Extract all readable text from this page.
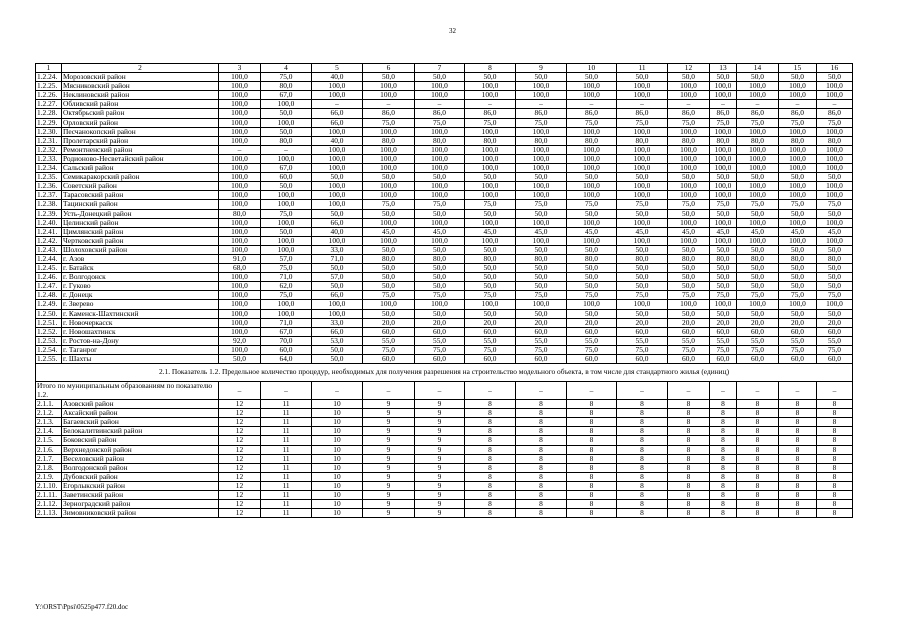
32
1	2	3	4	5	6	7	8	9	10	11	12	13	14	15	16
1.2.24.	Морозовский район	100,0	75,0	40,0	50,0	50,0	50,0	50,0	50,0	50,0	50,0	50,0	50,0	50,0	50,0
1.2.25.	Мясниковский район	100,0	80,0	100,0	100,0	100,0	100,0	100,0	100,0	100,0	100,0	100,0	100,0	100,0	100,0
1.2.26.	Неклиновский район	100,0	67,0	100,0	100,0	100,0	100,0	100,0	100,0	100,0	100,0	100,0	100,0	100,0	100,0
1.2.27.	Обливский район	100,0	100,0	–	–	–	–	–	–	–	–	–	–	–	–
1.2.28.	Октябрьский район	100,0	50,0	66,0	86,0	86,0	86,0	86,0	86,0	86,0	86,0	86,0	86,0	86,0	86,0
1.2.29.	Орловский район	100,0	100,0	66,0	75,0	75,0	75,0	75,0	75,0	75,0	75,0	75,0	75,0	75,0	75,0
1.2.30.	Песчанокопский район	100,0	50,0	100,0	100,0	100,0	100,0	100,0	100,0	100,0	100,0	100,0	100,0	100,0	100,0
1.2.31.	Пролетарский район	100,0	80,0	40,0	80,0	80,0	80,0	80,0	80,0	80,0	80,0	80,0	80,0	80,0	80,0
1.2.32.	Ремонтненский район	–	–	100,0	100,0	100,0	100,0	100,0	100,0	100,0	100,0	100,0	100,0	100,0	100,0
1.2.33.	Родионово-Несветайский район	100,0	100,0	100,0	100,0	100,0	100,0	100,0	100,0	100,0	100,0	100,0	100,0	100,0	100,0
1.2.34.	Сальский район	100,0	67,0	100,0	100,0	100,0	100,0	100,0	100,0	100,0	100,0	100,0	100,0	100,0	100,0
1.2.35.	Семикаракорский район	100,0	60,0	50,0	50,0	50,0	50,0	50,0	50,0	50,0	50,0	50,0	50,0	50,0	50,0
1.2.36.	Советский район	100,0	50,0	100,0	100,0	100,0	100,0	100,0	100,0	100,0	100,0	100,0	100,0	100,0	100,0
1.2.37.	Тарасовский район	100,0	100,0	100,0	100,0	100,0	100,0	100,0	100,0	100,0	100,0	100,0	100,0	100,0	100,0
1.2.38.	Тацинский район	100,0	100,0	100,0	75,0	75,0	75,0	75,0	75,0	75,0	75,0	75,0	75,0	75,0	75,0
1.2.39.	Усть-Донецкий район	80,0	75,0	50,0	50,0	50,0	50,0	50,0	50,0	50,0	50,0	50,0	50,0	50,0	50,0
1.2.40.	Целинский район	100,0	100,0	66,0	100,0	100,0	100,0	100,0	100,0	100,0	100,0	100,0	100,0	100,0	100,0
1.2.41.	Цимлянский район	100,0	50,0	40,0	45,0	45,0	45,0	45,0	45,0	45,0	45,0	45,0	45,0	45,0	45,0
1.2.42.	Чертковский район	100,0	100,0	100,0	100,0	100,0	100,0	100,0	100,0	100,0	100,0	100,0	100,0	100,0	100,0
1.2.43.	Шолоховский район	100,0	100,0	33,0	50,0	50,0	50,0	50,0	50,0	50,0	50,0	50,0	50,0	50,0	50,0
1.2.44.	г. Азов	91,0	57,0	71,0	80,0	80,0	80,0	80,0	80,0	80,0	80,0	80,0	80,0	80,0	80,0
1.2.45.	г. Батайск	68,0	75,0	50,0	50,0	50,0	50,0	50,0	50,0	50,0	50,0	50,0	50,0	50,0	50,0
1.2.46.	г. Волгодонск	100,0	71,0	57,0	50,0	50,0	50,0	50,0	50,0	50,0	50,0	50,0	50,0	50,0	50,0
1.2.47.	г. Гуково	100,0	62,0	50,0	50,0	50,0	50,0	50,0	50,0	50,0	50,0	50,0	50,0	50,0	50,0
1.2.48.	г. Донецк	100,0	75,0	66,0	75,0	75,0	75,0	75,0	75,0	75,0	75,0	75,0	75,0	75,0	75,0
1.2.49.	г. Зверево	100,0	100,0	100,0	100,0	100,0	100,0	100,0	100,0	100,0	100,0	100,0	100,0	100,0	100,0
1.2.50.	г. Каменск-Шахтинский	100,0	100,0	100,0	50,0	50,0	50,0	50,0	50,0	50,0	50,0	50,0	50,0	50,0	50,0
1.2.51.	г. Новочеркасск	100,0	71,0	33,0	20,0	20,0	20,0	20,0	20,0	20,0	20,0	20,0	20,0	20,0	20,0
1.2.52.	г. Новошахтинск	100,0	67,0	66,0	60,0	60,0	60,0	60,0	60,0	60,0	60,0	60,0	60,0	60,0	60,0
1.2.53.	г. Ростов-на-Дону	92,0	70,0	53,0	55,0	55,0	55,0	55,0	55,0	55,0	55,0	55,0	55,0	55,0	55,0
1.2.54.	г. Таганрог	100,0	60,0	50,0	75,0	75,0	75,0	75,0	75,0	75,0	75,0	75,0	75,0	75,0	75,0
1.2.55.	г. Шахты	50,0	64,0	50,0	60,0	60,0	60,0	60,0	60,0	60,0	60,0	60,0	60,0	60,0	60,0
2.1. Показатель 1.2. Предельное количество процедур, необходимых для получения разрешения на строительство модельного объекта, в том числе для стандартного жилья (единиц)															
Итого по муниципальным образованиям по показателю 1.2.		–	–	–	–	–	–	–	–	–	–	–	–	–	–
2.1.1.	Азовский район	12	11	10	9	9	8	8	8	8	8	8	8	8	8
2.1.2.	Аксайский район	12	11	10	9	9	8	8	8	8	8	8	8	8	8
2.1.3.	Багаевский район	12	11	10	9	9	8	8	8	8	8	8	8	8	8
2.1.4.	Белокалитвинский район	12	11	10	9	9	8	8	8	8	8	8	8	8	8
2.1.5.	Боковский район	12	11	10	9	9	8	8	8	8	8	8	8	8	8
2.1.6.	Верхнедонской район	12	11	10	9	9	8	8	8	8	8	8	8	8	8
2.1.7.	Веселовский район	12	11	10	9	9	8	8	8	8	8	8	8	8	8
2.1.8.	Волгодонской район	12	11	10	9	9	8	8	8	8	8	8	8	8	8
2.1.9.	Дубовский район	12	11	10	9	9	8	8	8	8	8	8	8	8	8
2.1.10.	Егорлыкский район	12	11	10	9	9	8	8	8	8	8	8	8	8	8
2.1.11.	Заветинский район	12	11	10	9	9	8	8	8	8	8	8	8	8	8
2.1.12.	Зерноградский район	12	11	10	9	9	8	8	8	8	8	8	8	8	8
2.1.13.	Зимовниковский район	12	11	10	9	9	8	8	8	8	8	8	8	8	8
Y:\ORST\Ppsi\0525p477.f20.doc
